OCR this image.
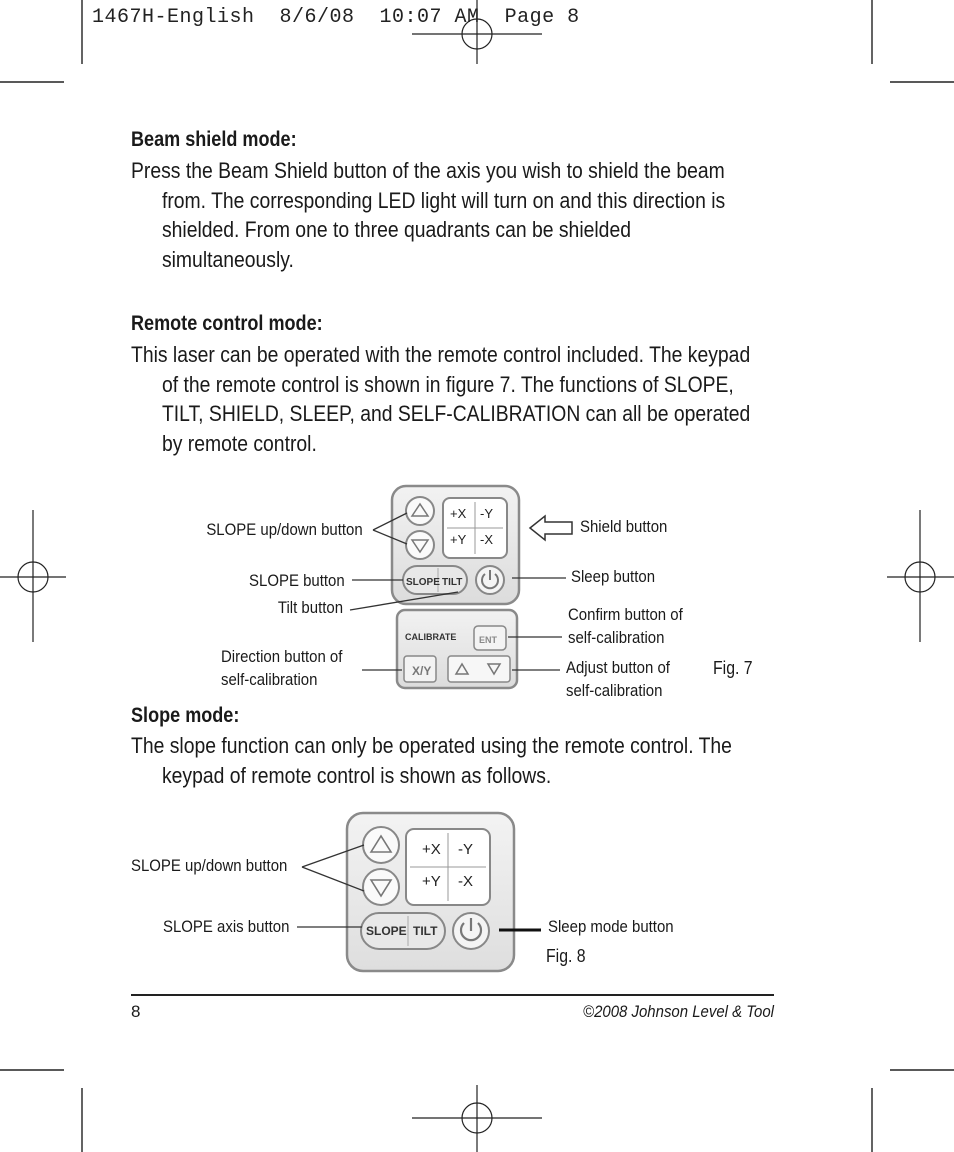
1467H-English  8/6/08  10:07 AM  Page 8
Beam shield mode:
Press the Beam Shield button of the axis you wish to shield the beam from. The corresponding LED light will turn on and this direction is shielded. From one to three quadrants can be shielded simultaneously.
Remote control mode:
This laser can be operated with the remote control included. The keypad of the remote control is shown in figure 7. The functions of SLOPE, TILT, SHIELD, SLEEP, and SELF-CALIBRATION can all be operated by remote control.
+X -Y
+Y -X
SLOPE TILT
CALIBRATE	ENT
X/Y
SLOPE up/down button	Shield button
SLOPE button	Sleep button
Tilt button	Confirm button of
self-calibration
Direction button of
self-calibration
Adjust button of
self-calibration
Fig. 7
Slope mode:
The slope function can only be operated using the remote control. The keypad of remote control is shown as follows.
+X -Y
+Y -X
SLOPE TILT
SLOPE up/down button
SLOPE axis button	Sleep mode button
Fig. 8
8	©2008 Johnson Level & Tool
